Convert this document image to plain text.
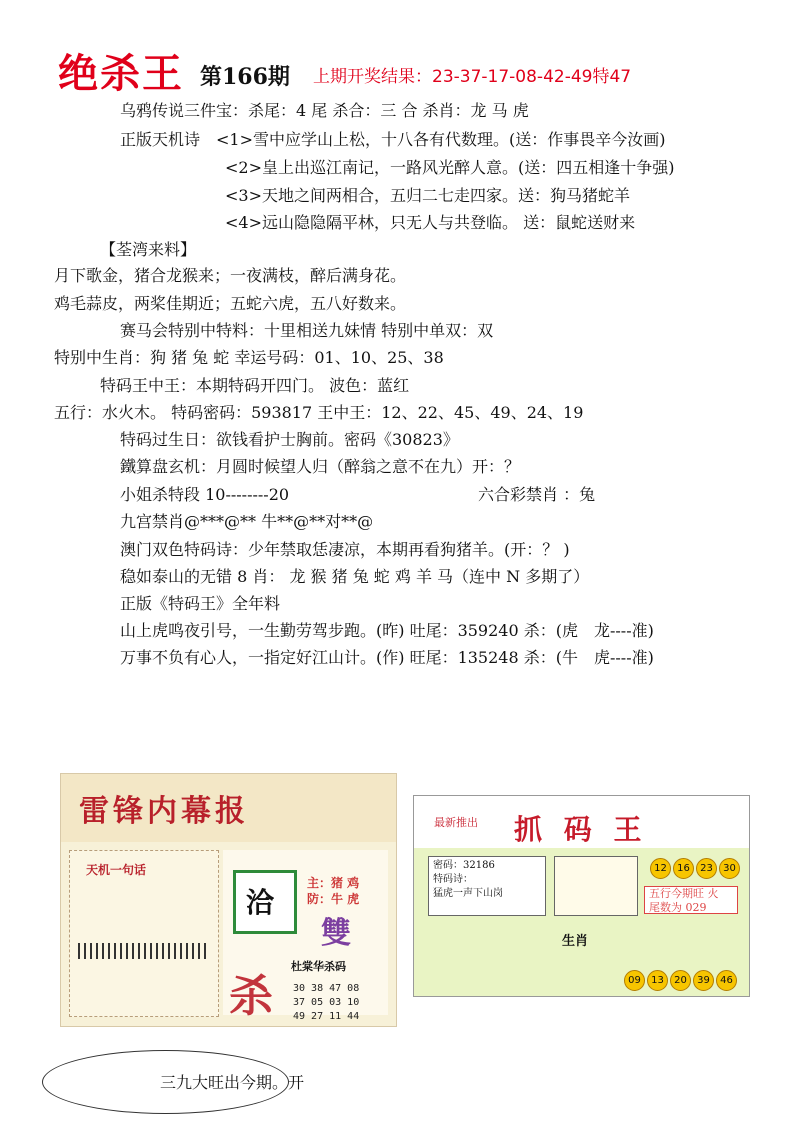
绝杀王 第166期 上期开奖结果：23-37-17-08-42-49特47
乌鸦传说三件宝：杀尾：4 尾 杀合：三 合 杀肖：龙 马 虎
正版天机诗　<1>雪中应学山上松，十八各有代数理。(送：作事畏辛今汝画)
<2>皇上出巡江南记，一路风光醉人意。(送：四五相逢十争强)
<3>天地之间两相合，五归二七走四家。送：狗马猪蛇羊
<4>远山隐隐隔平林，只无人与共登临。 送：鼠蛇送财来
【荃湾来料】
月下歌金，猪合龙猴来；一夜满枝，醉后满身花。
鸡毛蒜皮，两桨佳期近；五蛇六虎，五八好数来。
赛马会特别中特料：十里相送九妹情 特别中单双：双
特别中生肖：狗 猪 兔 蛇 幸运号码：01、10、25、38
特码王中王：本期特码开四门。 波色：蓝红
五行：水火木。 特码密码：593817 王中王：12、22、45、49、24、19
特码过生日：欲钱看护士胸前。密码《30823》
鐵算盘玄机：月圆时候望人归（醉翁之意不在九）开：？
小姐杀特段 10--------20	六合彩禁肖 ：兔
九宫禁肖@***@** 牛**@**对**@
澳门双色特码诗：少年禁取恁凄凉，本期再看狗猪羊。(开：？ )
稳如泰山的无错 8 肖： 龙 猴 猪 兔 蛇 鸡 羊 马（连中 N 多期了）
正版《特码王》全年料
山上虎鸣夜引号，一生勤劳驾步跑。(昨) 吐尾：359240 杀：(虎　龙----准)
万事不负有心人，一指定好江山计。(作) 旺尾：135248 杀：(牛　虎----准)
雷锋内幕报
天机一句话
洽
主：猪 鸡
防：牛 虎
雙
杜棠华杀码
30 38 47 08
37 05 03 10
49 27 11 44
杀
最新推出 抓 码 王
密码：32186
特码诗：
猛虎一声下山岗
12	16	23	30
五行今期旺 火
尾数为 029
生肖
09	13	20	39	46
三九大旺出今期。开
